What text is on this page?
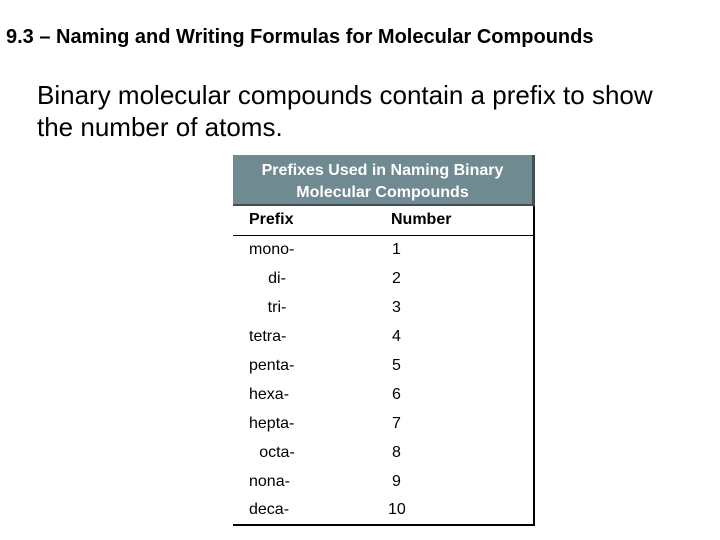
9.3 – Naming and Writing Formulas for Molecular Compounds
Binary molecular compounds contain a prefix to show the number of atoms.
Prefixes Used in Naming Binary Molecular Compounds
Prefix	Number
mono-	1
di-	2
tri-	3
tetra-	4
penta-	5
hexa-	6
hepta-	7
octa-	8
nona-	9
deca-	10
